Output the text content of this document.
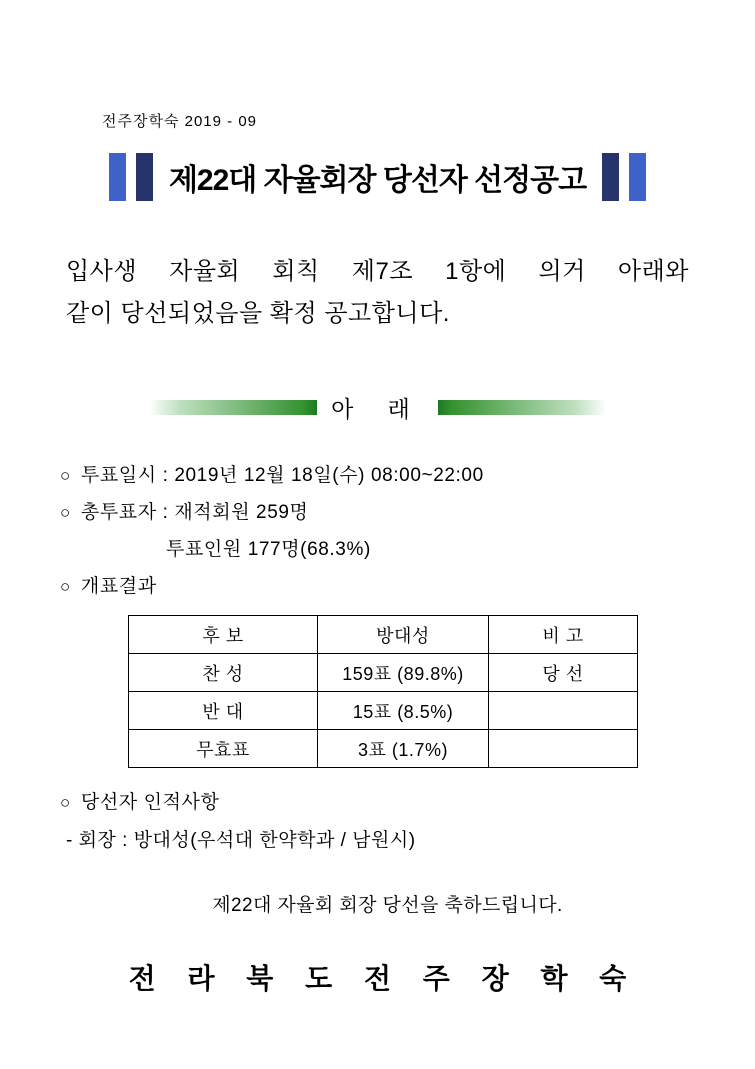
전주장학숙 2019 - 09
제22대 자율회장 당선자 선정공고
입사생 자율회 회칙 제7조 1항에 의거 아래와
같이 당선되었음을 확정 공고합니다.
아 래
○ 투표일시 : 2019년 12월 18일(수) 08:00~22:00
○ 총투표자 : 재적회원 259명
투표인원 177명(68.3%)
○ 개표결과
후 보	방대성	비 고
찬 성	159표 (89.8%)	당 선
반 대	15표 (8.5%)	
무효표	3표 (1.7%)	
○ 당선자 인적사항
- 회장 : 방대성(우석대 한약학과 / 남원시)
제22대 자율회 회장 당선을 축하드립니다.
전 라 북 도 전 주 장 학 숙
